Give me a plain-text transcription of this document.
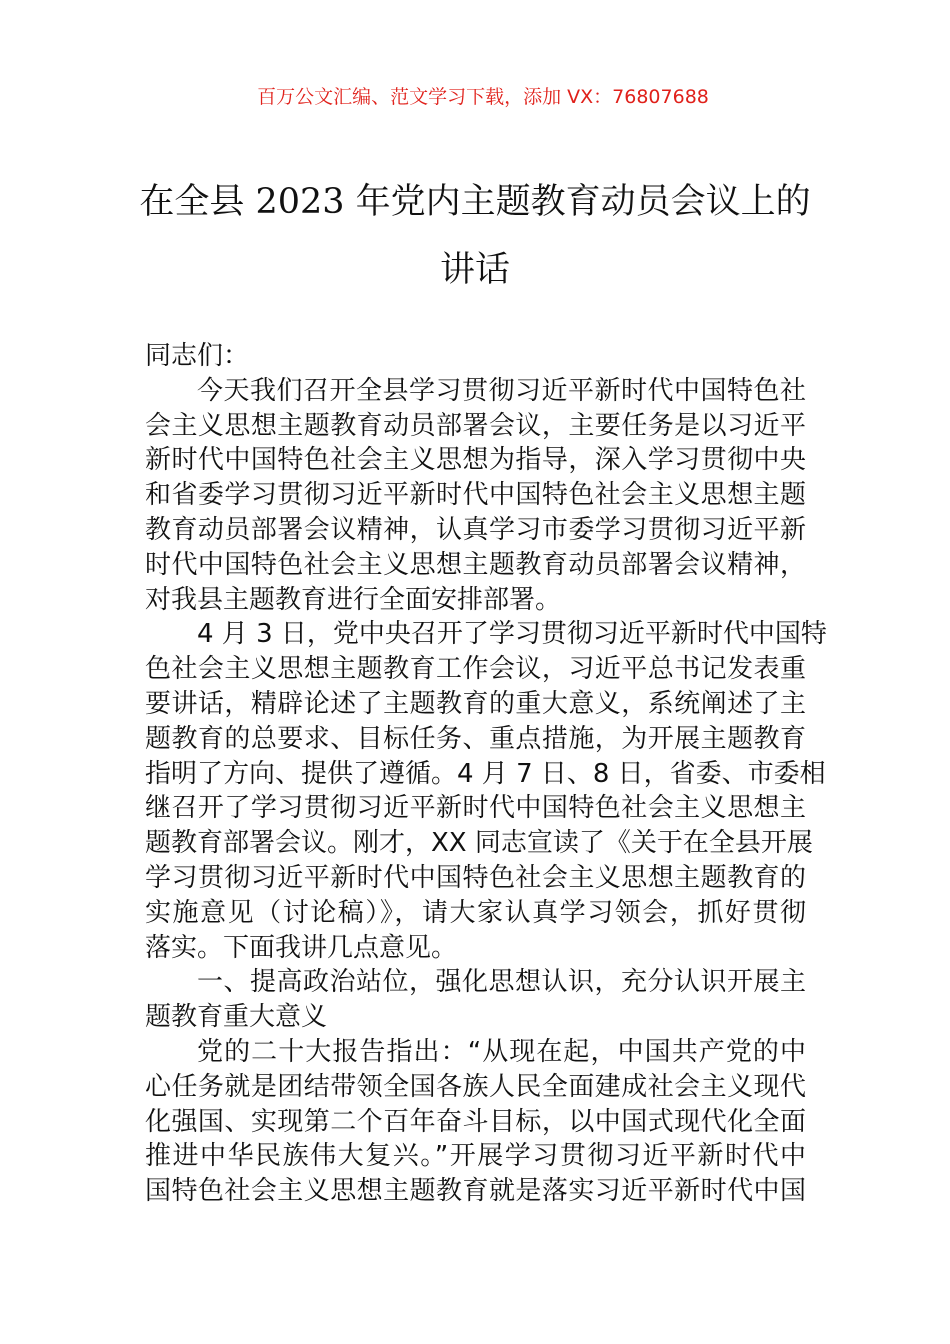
百万公文汇编、范文学习下载，添加 VX：76807688
在全县 2023 年党内主题教育动员会议上的
讲话
同志们：
今天我们召开全县学习贯彻习近平新时代中国特色社
会主义思想主题教育动员部署会议，主要任务是以习近平
新时代中国特色社会主义思想为指导，深入学习贯彻中央
和省委学习贯彻习近平新时代中国特色社会主义思想主题
教育动员部署会议精神，认真学习市委学习贯彻习近平新
时代中国特色社会主义思想主题教育动员部署会议精神，
对我县主题教育进行全面安排部署。
4 月 3 日，党中央召开了学习贯彻习近平新时代中国特
色社会主义思想主题教育工作会议，习近平总书记发表重
要讲话，精辟论述了主题教育的重大意义，系统阐述了主
题教育的总要求、目标任务、重点措施，为开展主题教育
指明了方向、提供了遵循。4 月 7 日、8 日，省委、市委相
继召开了学习贯彻习近平新时代中国特色社会主义思想主
题教育部署会议。刚才，XX 同志宣读了《关于在全县开展
学习贯彻习近平新时代中国特色社会主义思想主题教育的
实施意见（讨论稿）》，请大家认真学习领会，抓好贯彻
落实。下面我讲几点意见。
一、提高政治站位，强化思想认识，充分认识开展主
题教育重大意义
党的二十大报告指出：“从现在起，中国共产党的中
心任务就是团结带领全国各族人民全面建成社会主义现代
化强国、实现第二个百年奋斗目标，以中国式现代化全面
推进中华民族伟大复兴。”开展学习贯彻习近平新时代中
国特色社会主义思想主题教育就是落实习近平新时代中国
